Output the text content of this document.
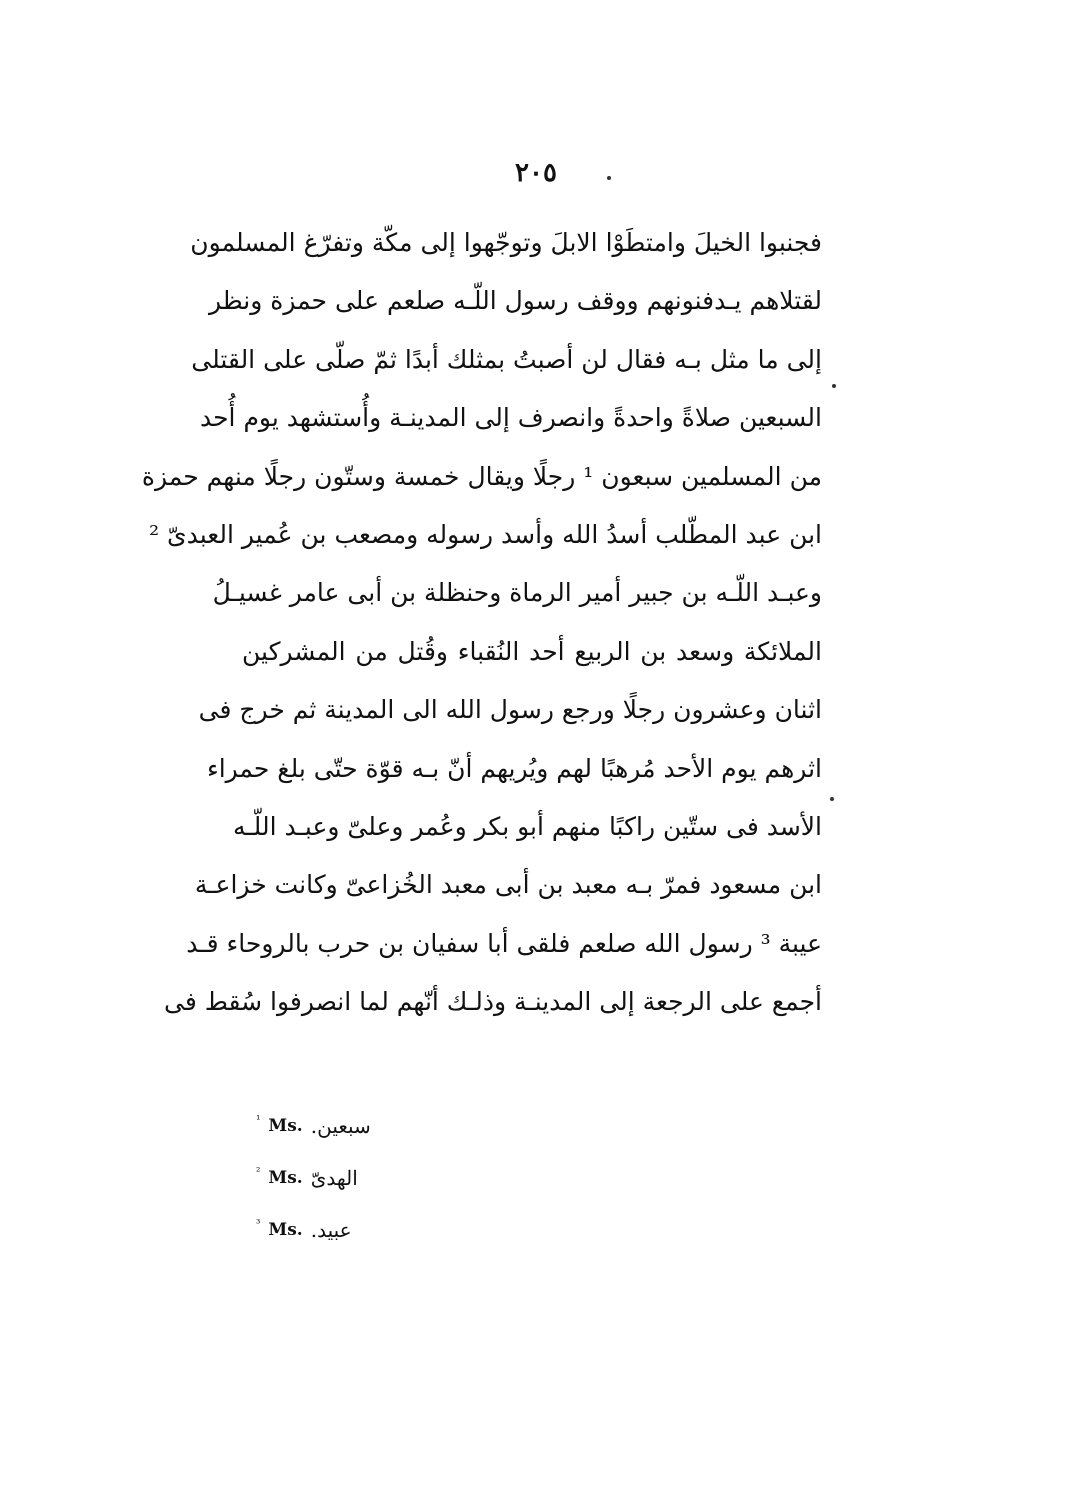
٢٠٥
فجنبوا الخيلَ وامتطَوْا الابلَ وتوجّهوا إلى مكّة وتفرّغ المسلمون
لقتلاهم يـدفنونهم ووقف رسول اللّـه صلعم على حمزة ونظر
إلى ما مثل بـه فقال لن أصبتُ بمثلك أبدًا ثمّ صلّى على القتلى
السبعين صلاةً واحدةً وانصرف إلى المدينـة وأُستشهد يوم أُحد
من المسلمين سبعون ¹ رجلًا ويقال خمسة وستّون رجلًا منهم حمزة
ابن عبد المطّلب أسدُ الله وأسد رسوله ومصعب بن عُمير العبدىّ ²
وعبـد اللّـه بن جبير أمير الرماة وحنظلة بن أبى عامر غسيـلُ
الملائكة وسعد بن الربيع أحد النُقباء وقُتل من المشركين
اثنان وعشرون رجلًا ورجع رسول الله الى المدينة ثم خرج فى
اثرهم يوم الأحد مُرهبًا لهم ويُريهم أنّ بـه قوّة حتّى بلغ حمراء
الأسد فى ستّين راكبًا منهم أبو بكر وعُمر وعلىّ وعبـد اللّـه
ابن مسعود فمرّ بـه معبد بن أبى معبد الخُزاعىّ وكانت خزاعـة
عيبة ³ رسول الله صلعم فلقى أبا سفيان بن حرب بالروحاء قـد
أجمع على الرجعة إلى المدينـة وذلـك أنّهم لما انصرفوا سُقط فى
¹ Ms. سبعين.
² Ms. الهدىّ
³ Ms. عبيد.
